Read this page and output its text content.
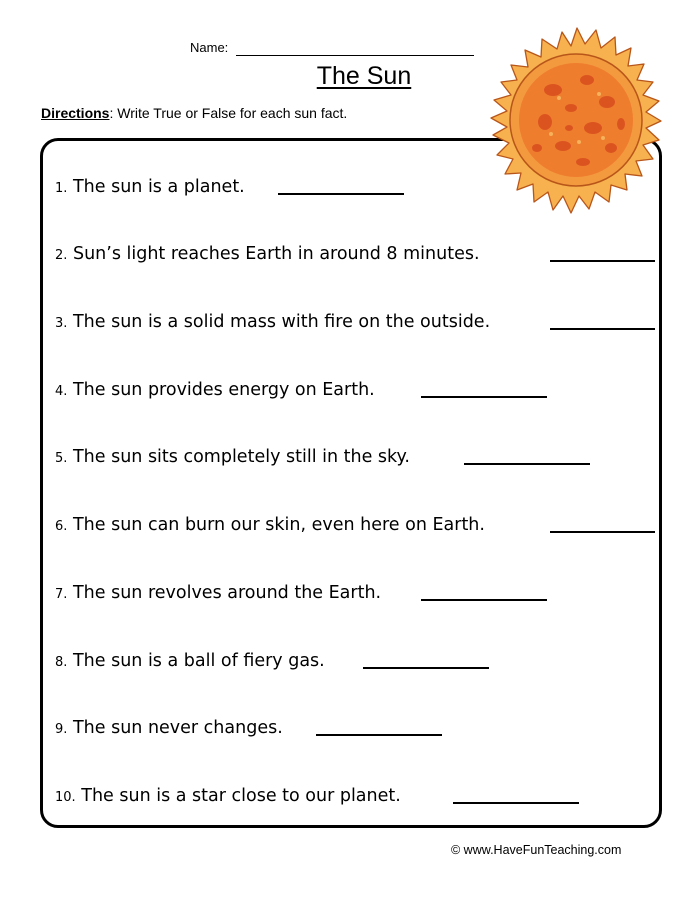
Name:
The Sun
Directions: Write True or False for each sun fact.
1. The sun is a planet.
2. Sun’s light reaches Earth in around 8 minutes.
3. The sun is a solid mass with fire on the outside.
4. The sun provides energy on Earth.
5. The sun sits completely still in the sky.
6. The sun can burn our skin, even here on Earth.
7. The sun revolves around the Earth.
8. The sun is a ball of fiery gas.
9. The sun never changes.
10. The sun is a star close to our planet.
© www.HaveFunTeaching.com
